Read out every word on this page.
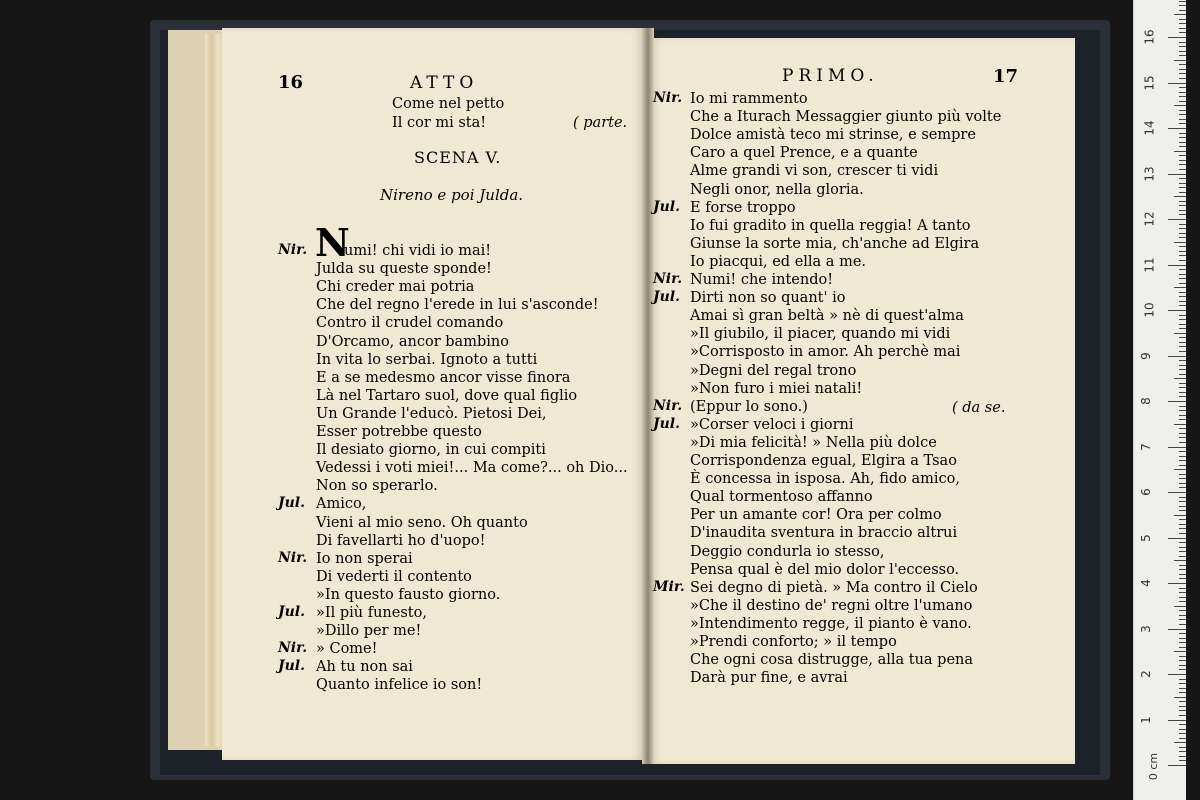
16	ATTO
Come nel petto
Il cor mi sta!	( parte.
SCENA V.
Nireno e poi Julda.
N
Nir.	umi! chi vidi io mai!
Julda su queste sponde!
Chi creder mai potria
Che del regno l'erede in lui s'asconde!
Contro il crudel comando
D'Orcamo, ancor bambino
In vita lo serbai. Ignoto a tutti
E a se medesmo ancor visse finora
Là nel Tartaro suol, dove qual figlio
Un Grande l'educò. Pietosi Dei,
Esser potrebbe questo
Il desiato giorno, in cui compiti
Vedessi i voti miei!... Ma come?... oh Dio...
Non so sperarlo.
Jul. Amico,
Vieni al mio seno. Oh quanto
Di favellarti ho d'uopo!
Nir. Io non sperai
Di vederti il contento
»In questo fausto giorno.
Jul. »Il più funesto,
»Dillo per me!
Nir. » Come!
Jul. Ah tu non sai
Quanto infelice io son!
PRIMO.	17
( da se.
Nir. Io mi rammento
Che a Iturach Messaggier giunto più volte
Dolce amistà teco mi strinse, e sempre
Caro a quel Prence, e a quante
Alme grandi vi son, crescer ti vidi
Negli onor, nella gloria.
Jul. E forse troppo
Io fui gradito in quella reggia! A tanto
Giunse la sorte mia, ch'anche ad Elgira
Io piacqui, ed ella a me.
Nir. Numi! che intendo!
Jul. Dirti non so quant' io
Amai sì gran beltà » nè di quest'alma
»Il giubilo, il piacer, quando mi vidi
»Corrisposto in amor. Ah perchè mai
»Degni del regal trono
»Non furo i miei natali!
Nir. (Eppur lo sono.)
Jul. »Corser veloci i giorni
»Di mia felicità! » Nella più dolce
Corrispondenza egual, Elgira a Tsao
È concessa in isposa. Ah, fido amico,
Qual tormentoso affanno
Per un amante cor! Ora per colmo
D'inaudita sventura in braccio altrui
Deggio condurla io stesso,
Pensa qual è del mio dolor l'eccesso.
Mir. Sei degno di pietà. » Ma contro il Cielo
»Che il destino de' regni oltre l'umano
»Intendimento regge, il pianto è vano.
»Prendi conforto; » il tempo
Che ogni cosa distrugge, alla tua pena
Darà pur fine, e avrai
0 cm
1
2
3
4
5
6
7
8
9
10
11
12
13
14
15
16
